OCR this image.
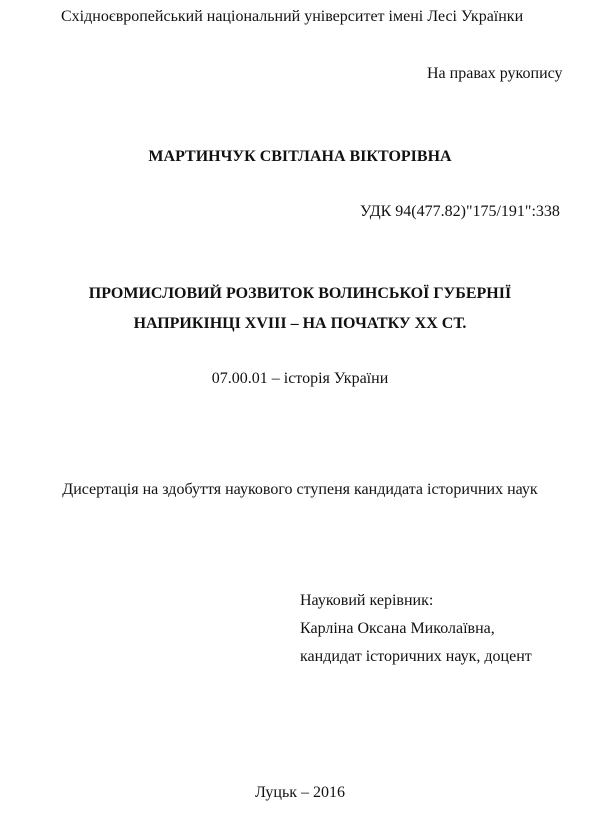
Східноєвропейський національний університет імені Лесі Українки
На правах рукопису
МАРТИНЧУК СВІТЛАНА ВІКТОРІВНА
УДК 94(477.82)"175/191":338
ПРОМИСЛОВИЙ РОЗВИТОК ВОЛИНСЬКОЇ ГУБЕРНІЇ
НАПРИКІНЦІ XVIII – НА ПОЧАТКУ XX СТ.
07.00.01 – історія України
Дисертація на здобуття наукового ступеня кандидата історичних наук
Науковий керівник:
Карліна Оксана Миколаївна,
кандидат історичних наук, доцент
Луцьк – 2016
